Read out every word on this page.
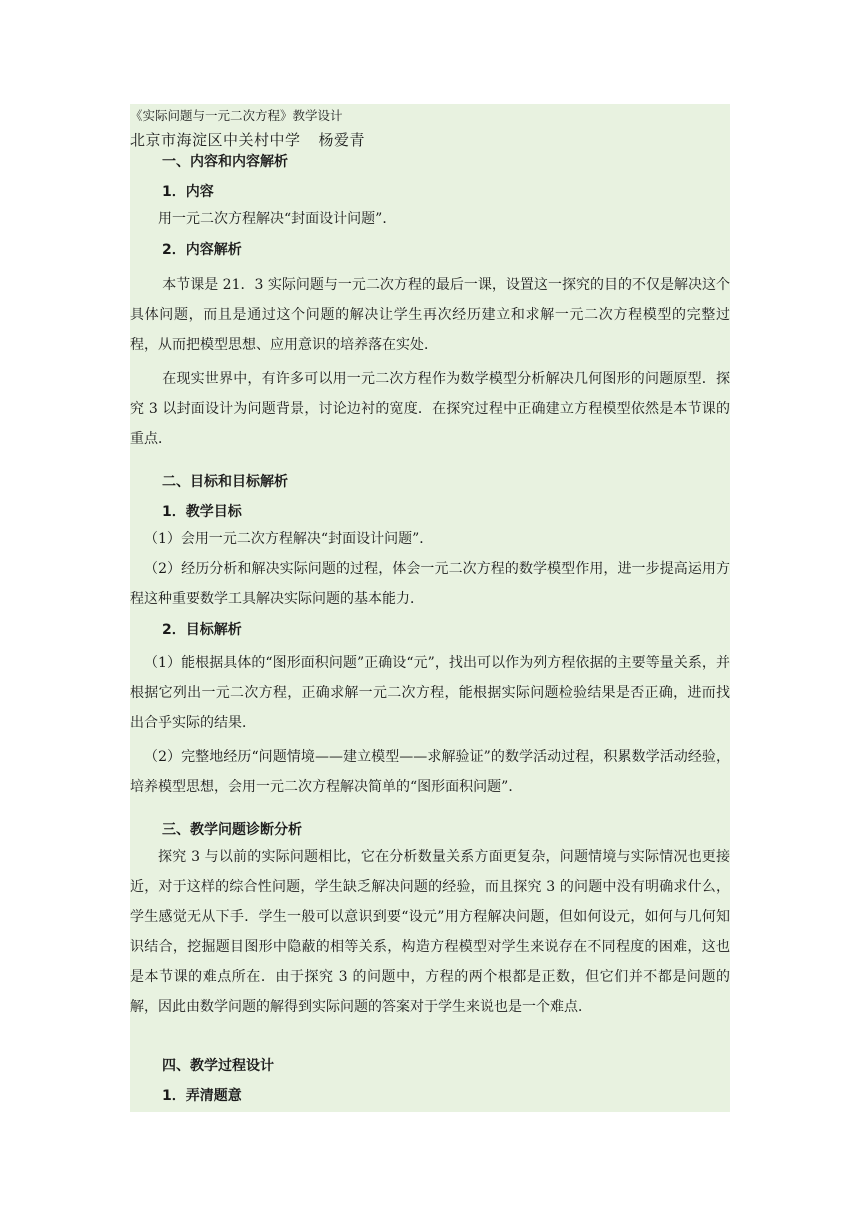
《实际问题与一元二次方程》教学设计

北京市海淀区中关村中学 杨爱青

一、内容和内容解析

1．内容

用一元二次方程解决“封面设计问题”．

2．内容解析

本节课是 21．3 实际问题与一元二次方程的最后一课，设置这一探究的目的不仅是解决这个具体问题，而且是通过这个问题的解决让学生再次经历建立和求解一元二次方程模型的完整过程，从而把模型思想、应用意识的培养落在实处．

在现实世界中，有许多可以用一元二次方程作为数学模型分析解决几何图形的问题原型．探究 3 以封面设计为问题背景，讨论边衬的宽度．在探究过程中正确建立方程模型依然是本节课的重点．

二、目标和目标解析

1．教学目标

（1）会用一元二次方程解决“封面设计问题”．

（2）经历分析和解决实际问题的过程，体会一元二次方程的数学模型作用，进一步提高运用方程这种重要数学工具解决实际问题的基本能力．

2．目标解析

（1）能根据具体的“图形面积问题”正确设“元”，找出可以作为列方程依据的主要等量关系，并根据它列出一元二次方程，正确求解一元二次方程，能根据实际问题检验结果是否正确，进而找出合乎实际的结果．

（2）完整地经历“问题情境——建立模型——求解验证”的数学活动过程，积累数学活动经验，培养模型思想，会用一元二次方程解决简单的“图形面积问题”．

三、教学问题诊断分析

探究 3 与以前的实际问题相比，它在分析数量关系方面更复杂，问题情境与实际情况也更接近，对于这样的综合性问题，学生缺乏解决问题的经验，而且探究 3 的问题中没有明确求什么，学生感觉无从下手．学生一般可以意识到要“设元”用方程解决问题，但如何设元，如何与几何知识结合，挖掘题目图形中隐蔽的相等关系，构造方程模型对学生来说存在不同程度的困难，这也是本节课的难点所在．由于探究 3 的问题中，方程的两个根都是正数，但它们并不都是问题的解，因此由数学问题的解得到实际问题的答案对于学生来说也是一个难点．

四、教学过程设计

1．弄清题意
